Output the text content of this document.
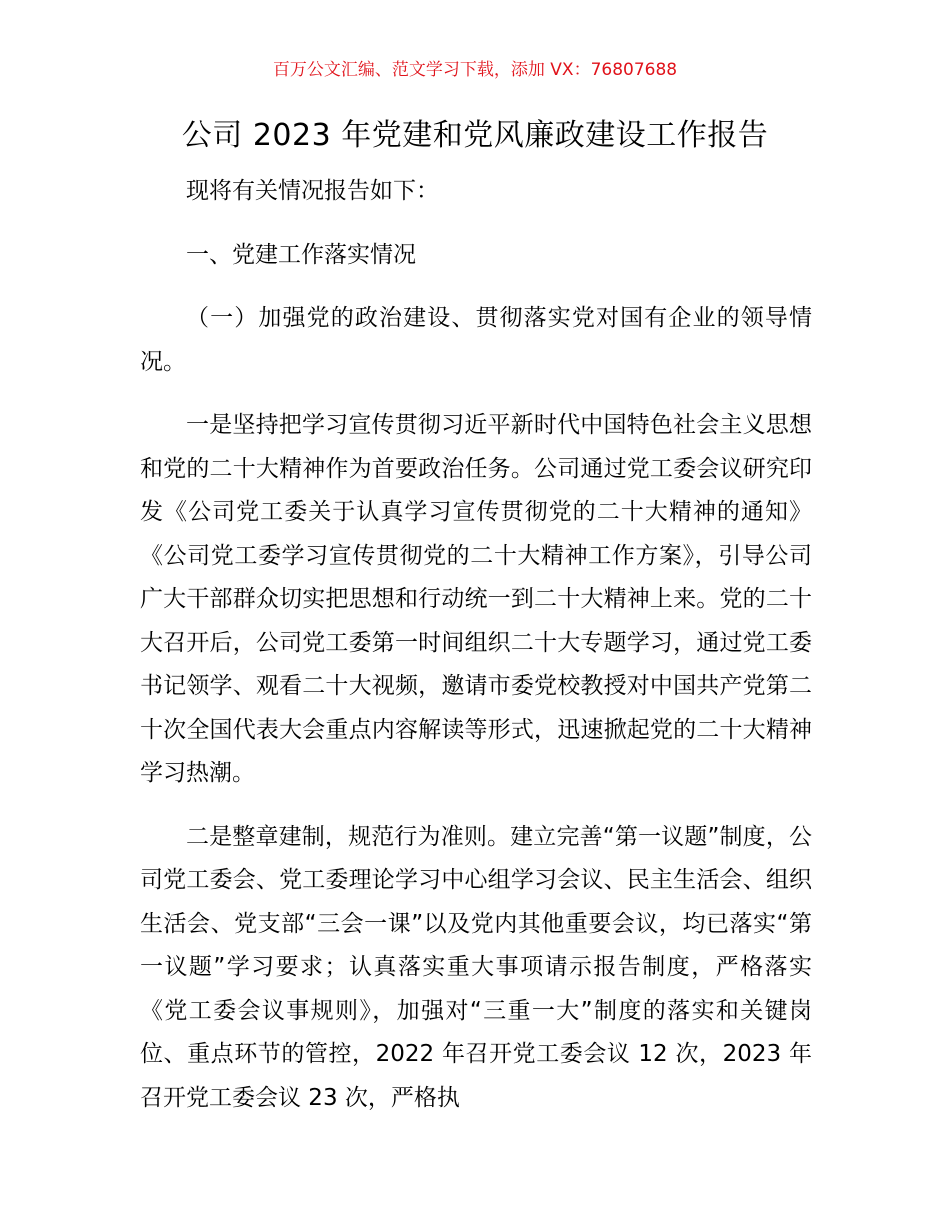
百万公文汇编、范文学习下载，添加 VX：76807688
公司 2023 年党建和党风廉政建设工作报告

现将有关情况报告如下：

一、党建工作落实情况

（一）加强党的政治建设、贯彻落实党对国有企业的领导情况。

一是坚持把学习宣传贯彻习近平新时代中国特色社会主义思想和党的二十大精神作为首要政治任务。公司通过党工委会议研究印发《公司党工委关于认真学习宣传贯彻党的二十大精神的通知》《公司党工委学习宣传贯彻党的二十大精神工作方案》，引导公司广大干部群众切实把思想和行动统一到二十大精神上来。党的二十大召开后，公司党工委第一时间组织二十大专题学习，通过党工委书记领学、观看二十大视频，邀请市委党校教授对中国共产党第二十次全国代表大会重点内容解读等形式，迅速掀起党的二十大精神学习热潮。

二是整章建制，规范行为准则。建立完善“第一议题”制度，公司党工委会、党工委理论学习中心组学习会议、民主生活会、组织生活会、党支部“三会一课”以及党内其他重要会议，均已落实“第一议题”学习要求；认真落实重大事项请示报告制度，严格落实《党工委会议事规则》，加强对“三重一大”制度的落实和关键岗位、重点环节的管控，2022 年召开党工委会议 12 次，2023 年召开党工委会议 23 次，严格执
